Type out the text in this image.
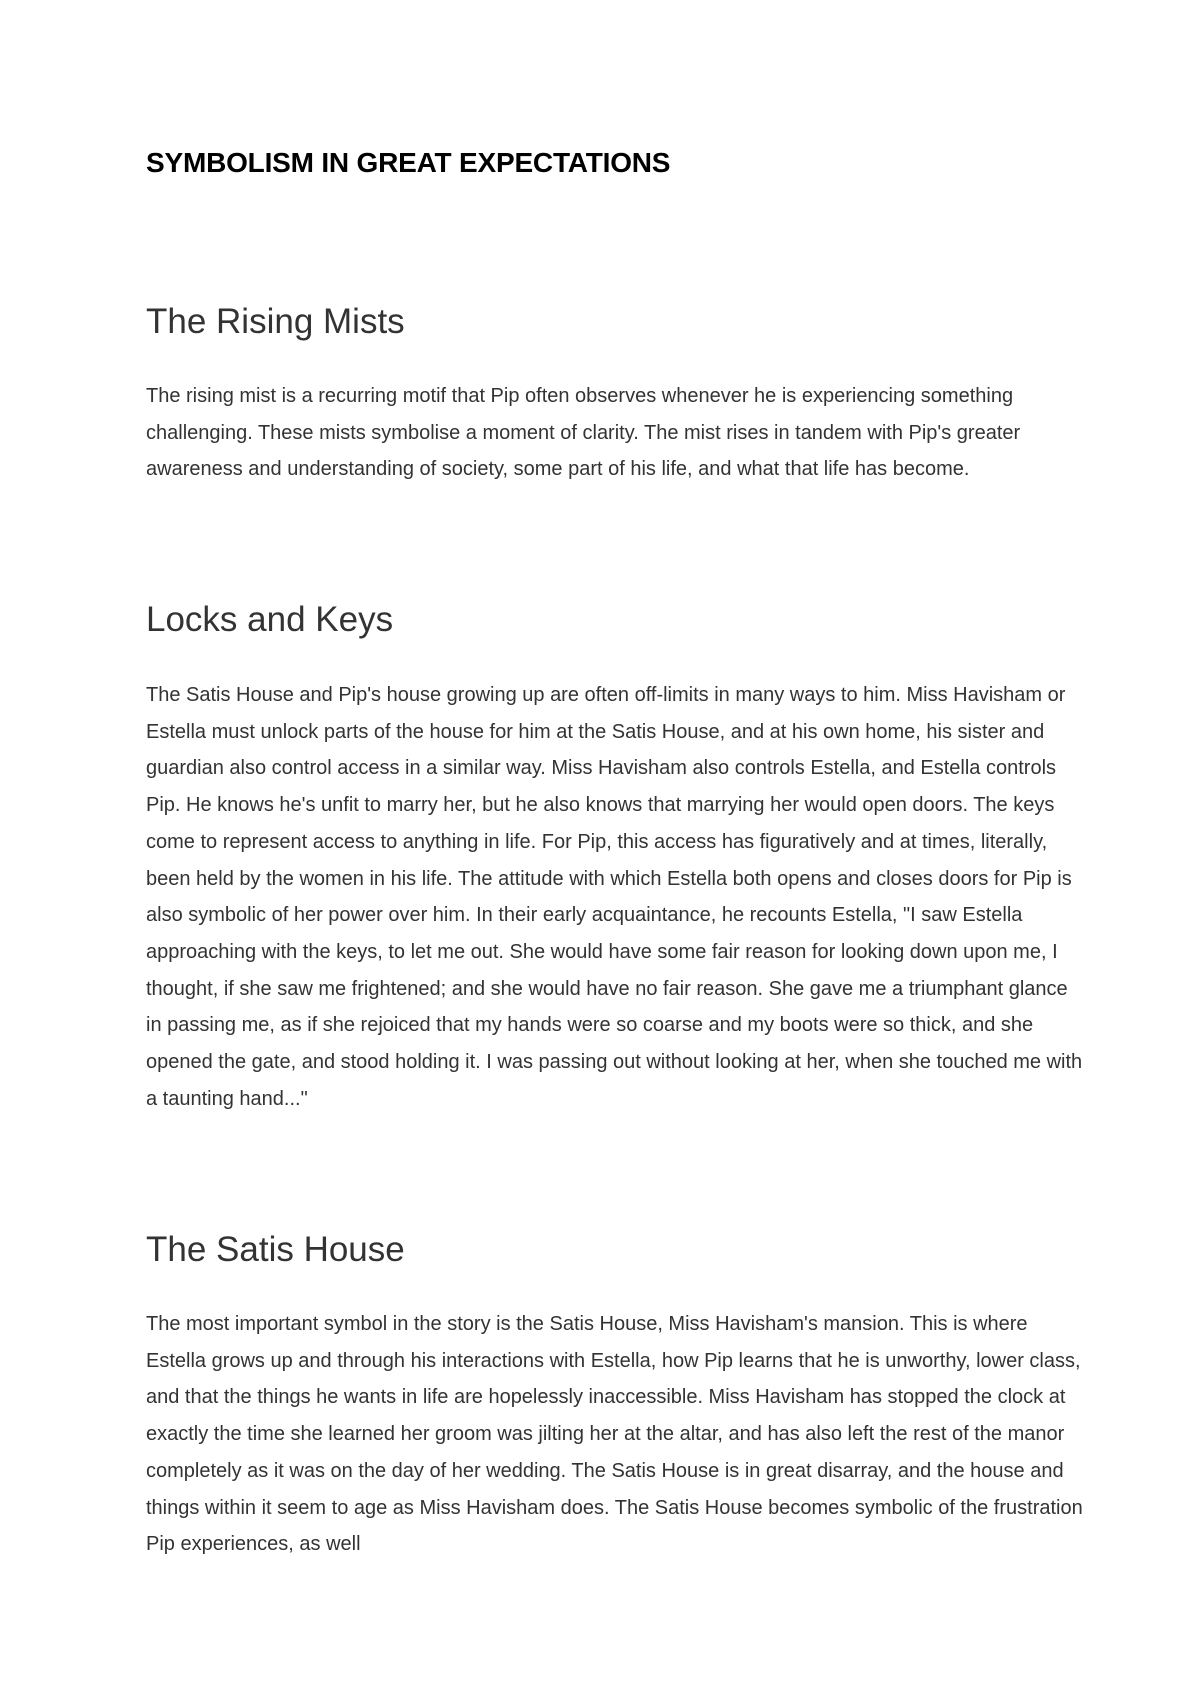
SYMBOLISM IN GREAT EXPECTATIONS
The Rising Mists

The rising mist is a recurring motif that Pip often observes whenever he is experiencing something challenging. These mists symbolise a moment of clarity. The mist rises in tandem with Pip's greater awareness and understanding of society, some part of his life, and what that life has become.

Locks and Keys

The Satis House and Pip's house growing up are often off-limits in many ways to him. Miss Havisham or Estella must unlock parts of the house for him at the Satis House, and at his own home, his sister and guardian also control access in a similar way. Miss Havisham also controls Estella, and Estella controls Pip. He knows he's unfit to marry her, but he also knows that marrying her would open doors. The keys come to represent access to anything in life. For Pip, this access has figuratively and at times, literally, been held by the women in his life. The attitude with which Estella both opens and closes doors for Pip is also symbolic of her power over him. In their early acquaintance, he recounts Estella, "I saw Estella approaching with the keys, to let me out. She would have some fair reason for looking down upon me, I thought, if she saw me frightened; and she would have no fair reason. She gave me a triumphant glance in passing me, as if she rejoiced that my hands were so coarse and my boots were so thick, and she opened the gate, and stood holding it. I was passing out without looking at her, when she touched me with a taunting hand..."

The Satis House

The most important symbol in the story is the Satis House, Miss Havisham's mansion. This is where Estella grows up and through his interactions with Estella, how Pip learns that he is unworthy, lower class, and that the things he wants in life are hopelessly inaccessible. Miss Havisham has stopped the clock at exactly the time she learned her groom was jilting her at the altar, and has also left the rest of the manor completely as it was on the day of her wedding. The Satis House is in great disarray, and the house and things within it seem to age as Miss Havisham does. The Satis House becomes symbolic of the frustration Pip experiences, as well
